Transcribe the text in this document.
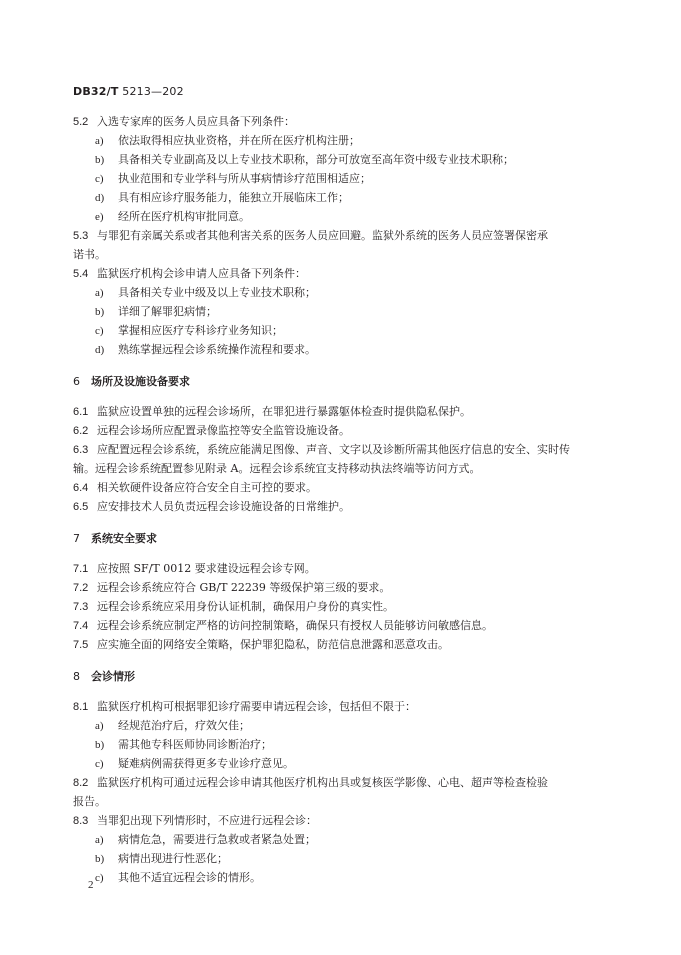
DB32/T 5213—202
5.2 入选专家库的医务人员应具备下列条件：
a) 依法取得相应执业资格，并在所在医疗机构注册；
b) 具备相关专业副高及以上专业技术职称，部分可放宽至高年资中级专业技术职称；
c) 执业范围和专业学科与所从事病情诊疗范围相适应；
d) 具有相应诊疗服务能力，能独立开展临床工作；
e) 经所在医疗机构审批同意。
5.3 与罪犯有亲属关系或者其他利害关系的医务人员应回避。监狱外系统的医务人员应签署保密承
诺书。
5.4 监狱医疗机构会诊申请人应具备下列条件：
a) 具备相关专业中级及以上专业技术职称；
b) 详细了解罪犯病情；
c) 掌握相应医疗专科诊疗业务知识；
d) 熟练掌握远程会诊系统操作流程和要求。
6 场所及设施设备要求
6.1 监狱应设置单独的远程会诊场所，在罪犯进行暴露躯体检查时提供隐私保护。
6.2 远程会诊场所应配置录像监控等安全监管设施设备。
6.3 应配置远程会诊系统，系统应能满足图像、声音、文字以及诊断所需其他医疗信息的安全、实时传
输。远程会诊系统配置参见附录 A。远程会诊系统宜支持移动执法终端等访问方式。
6.4 相关软硬件设备应符合安全自主可控的要求。
6.5 应安排技术人员负责远程会诊设施设备的日常维护。
7 系统安全要求
7.1 应按照 SF/T 0012 要求建设远程会诊专网。
7.2 远程会诊系统应符合 GB/T 22239 等级保护第三级的要求。
7.3 远程会诊系统应采用身份认证机制，确保用户身份的真实性。
7.4 远程会诊系统应制定严格的访问控制策略，确保只有授权人员能够访问敏感信息。
7.5 应实施全面的网络安全策略，保护罪犯隐私，防范信息泄露和恶意攻击。
8 会诊情形
8.1 监狱医疗机构可根据罪犯诊疗需要申请远程会诊，包括但不限于：
a) 经规范治疗后，疗效欠佳；
b) 需其他专科医师协同诊断治疗；
c) 疑难病例需获得更多专业诊疗意见。
8.2 监狱医疗机构可通过远程会诊申请其他医疗机构出具或复核医学影像、心电、超声等检查检验
报告。
8.3 当罪犯出现下列情形时，不应进行远程会诊：
a) 病情危急，需要进行急救或者紧急处置；
b) 病情出现进行性恶化；
c) 其他不适宜远程会诊的情形。
2
